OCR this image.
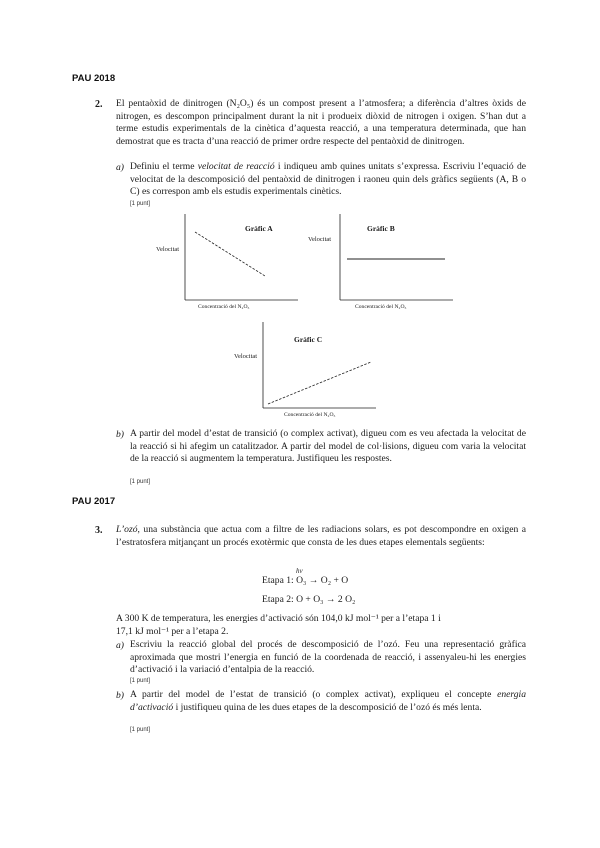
PAU 2018
2. El pentaòxid de dinitrogen (N₂O₅) és un compost present a l’atmosfera; a diferència d’altres òxids de nitrogen, es descompon principalment durant la nit i produeix diòxid de nitrogen i oxigen. S’han dut a terme estudis experimentals de la cinètica d’aquesta reacció, a una temperatura determinada, que han demostrat que es tracta d’una reacció de primer ordre respecte del pentaòxid de dinitrogen.
a) Definiu el terme velocitat de reacció i indiqueu amb quines unitats s’expressa. Escriviu l’equació de velocitat de la descomposició del pentaòxid de dinitrogen i raoneu quin dels gràfics següents (A, B o C) es correspon amb els estudis experimentals cinètics.
[1 punt]
Gràfic A
Velocitat
Concentració del N₂O₅
Gràfic B
Velocitat
Concentració del N₂O₅
Gràfic C
Velocitat
Concentració del N₂O₅
b) A partir del model d’estat de transició (o complex activat), digueu com es veu afectada la velocitat de la reacció si hi afegim un catalitzador. A partir del model de col·lisions, digueu com varia la velocitat de la reacció si augmentem la temperatura. Justifiqueu les respostes.
[1 punt]
PAU 2017
3. L’ozó, una substància que actua com a filtre de les radiacions solars, es pot descompondre en oxigen a l’estratosfera mitjançant un procés exotèrmic que consta de les dues etapes elementals següents:
hν
Etapa 1: O₃ → O₂ + O
Etapa 2: O + O₃ → 2 O₂
A 300 K de temperatura, les energies d’activació són 104,0 kJ mol⁻¹ per a l’etapa 1 i
17,1 kJ mol⁻¹ per a l’etapa 2.
a) Escriviu la reacció global del procés de descomposició de l’ozó. Feu una representació gràfica aproximada que mostri l’energia en funció de la coordenada de reacció, i assenyaleu-hi les energies d’activació i la variació d’entalpia de la reacció.
[1 punt]
b) A partir del model de l’estat de transició (o complex activat), expliqueu el concepte energia d’activació i justifiqueu quina de les dues etapes de la descomposició de l’ozó és més lenta.
[1 punt]
